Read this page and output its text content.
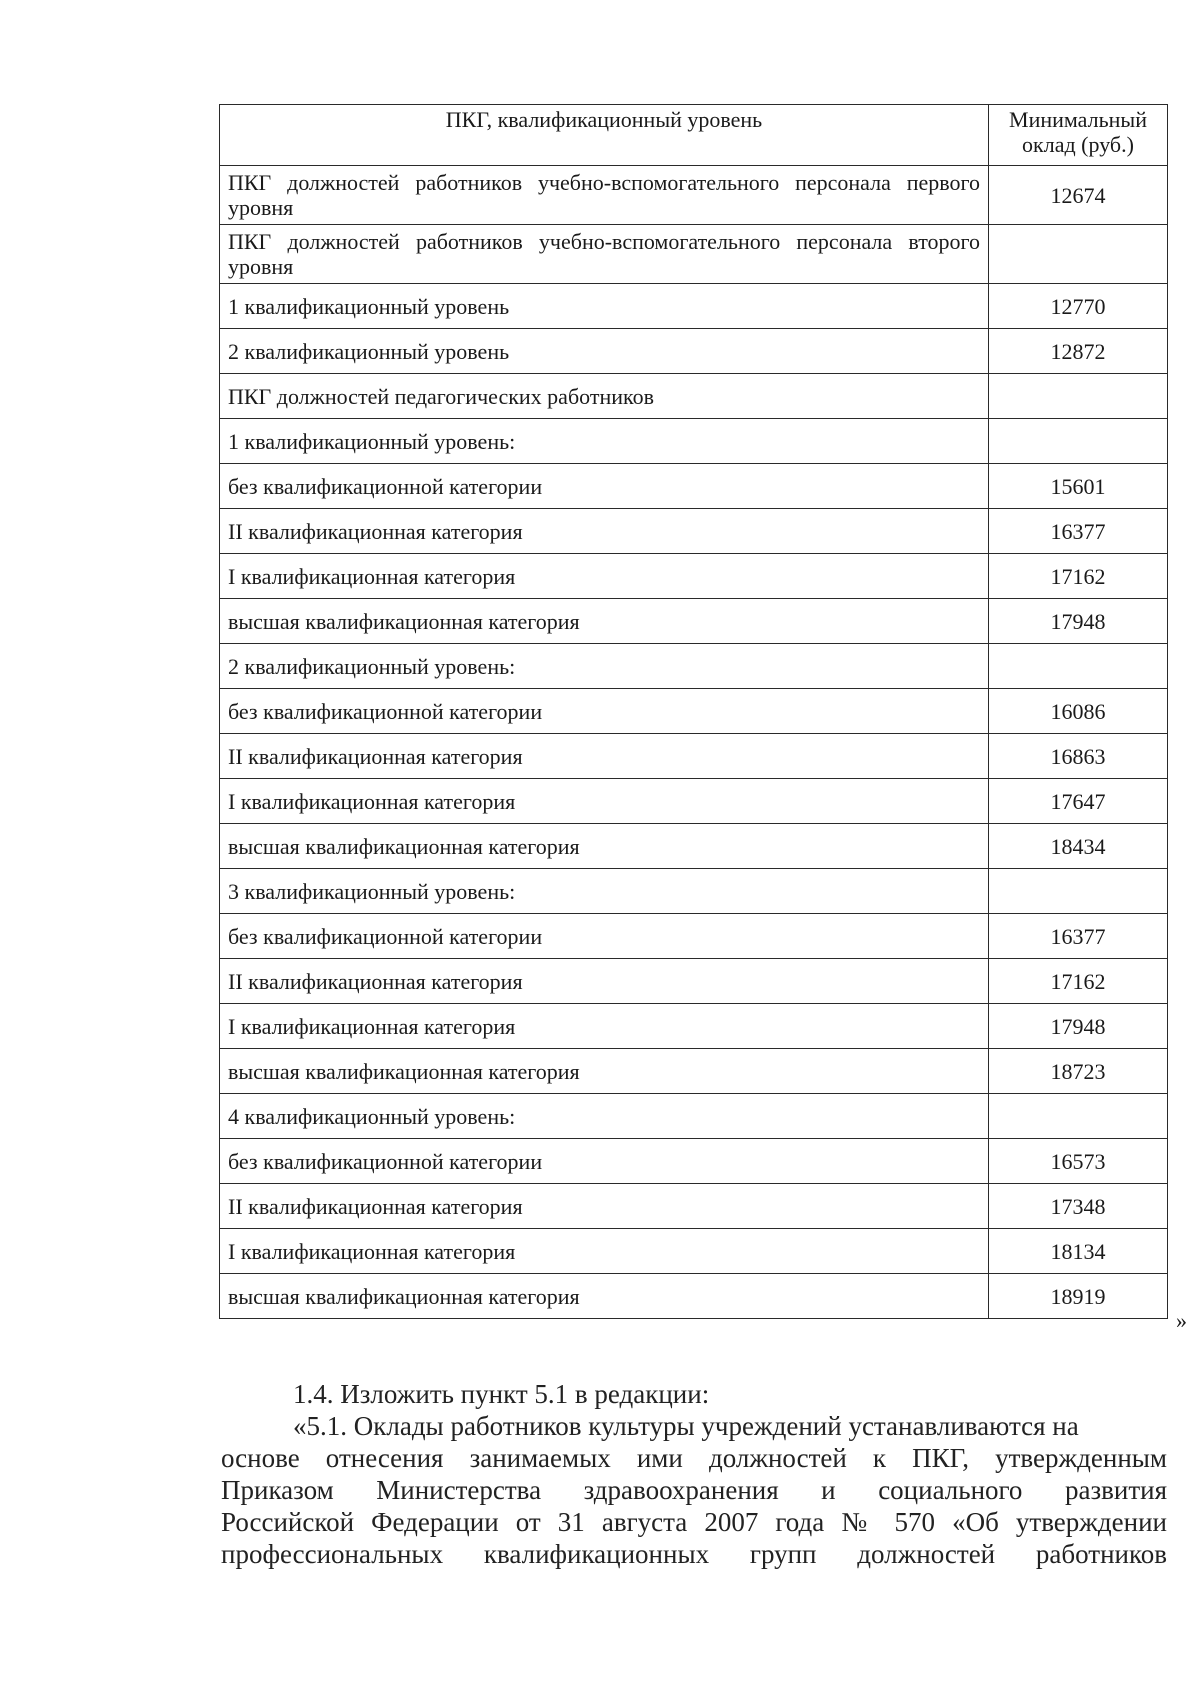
ПКГ, квалификационный уровень	Минимальный
оклад (руб.)
ПКГ должностей работников учебно-вспомогательного персонала первого уровня	12674
ПКГ должностей работников учебно-вспомогательного персонала второго уровня	
1 квалификационный уровень	12770
2 квалификационный уровень	12872
ПКГ должностей педагогических работников	
1 квалификационный уровень:	
без квалификационной категории	15601
II квалификационная категория	16377
I квалификационная категория	17162
высшая квалификационная категория	17948
2 квалификационный уровень:	
без квалификационной категории	16086
II квалификационная категория	16863
I квалификационная категория	17647
высшая квалификационная категория	18434
3 квалификационный уровень:	
без квалификационной категории	16377
II квалификационная категория	17162
I квалификационная категория	17948
высшая квалификационная категория	18723
4 квалификационный уровень:	
без квалификационной категории	16573
II квалификационная категория	17348
I квалификационная категория	18134
высшая квалификационная категория	18919
»

1.4. Изложить пункт 5.1 в редакции:

«5.1. Оклады работников культуры учреждений устанавливаются на

основе отнесения занимаемых ими должностей к ПКГ, утвержденным

Приказом Министерства здравоохранения и социального развития

Российской Федерации от 31 августа 2007 года № 570 «Об утверждении

профессиональных квалификационных групп должностей работников
